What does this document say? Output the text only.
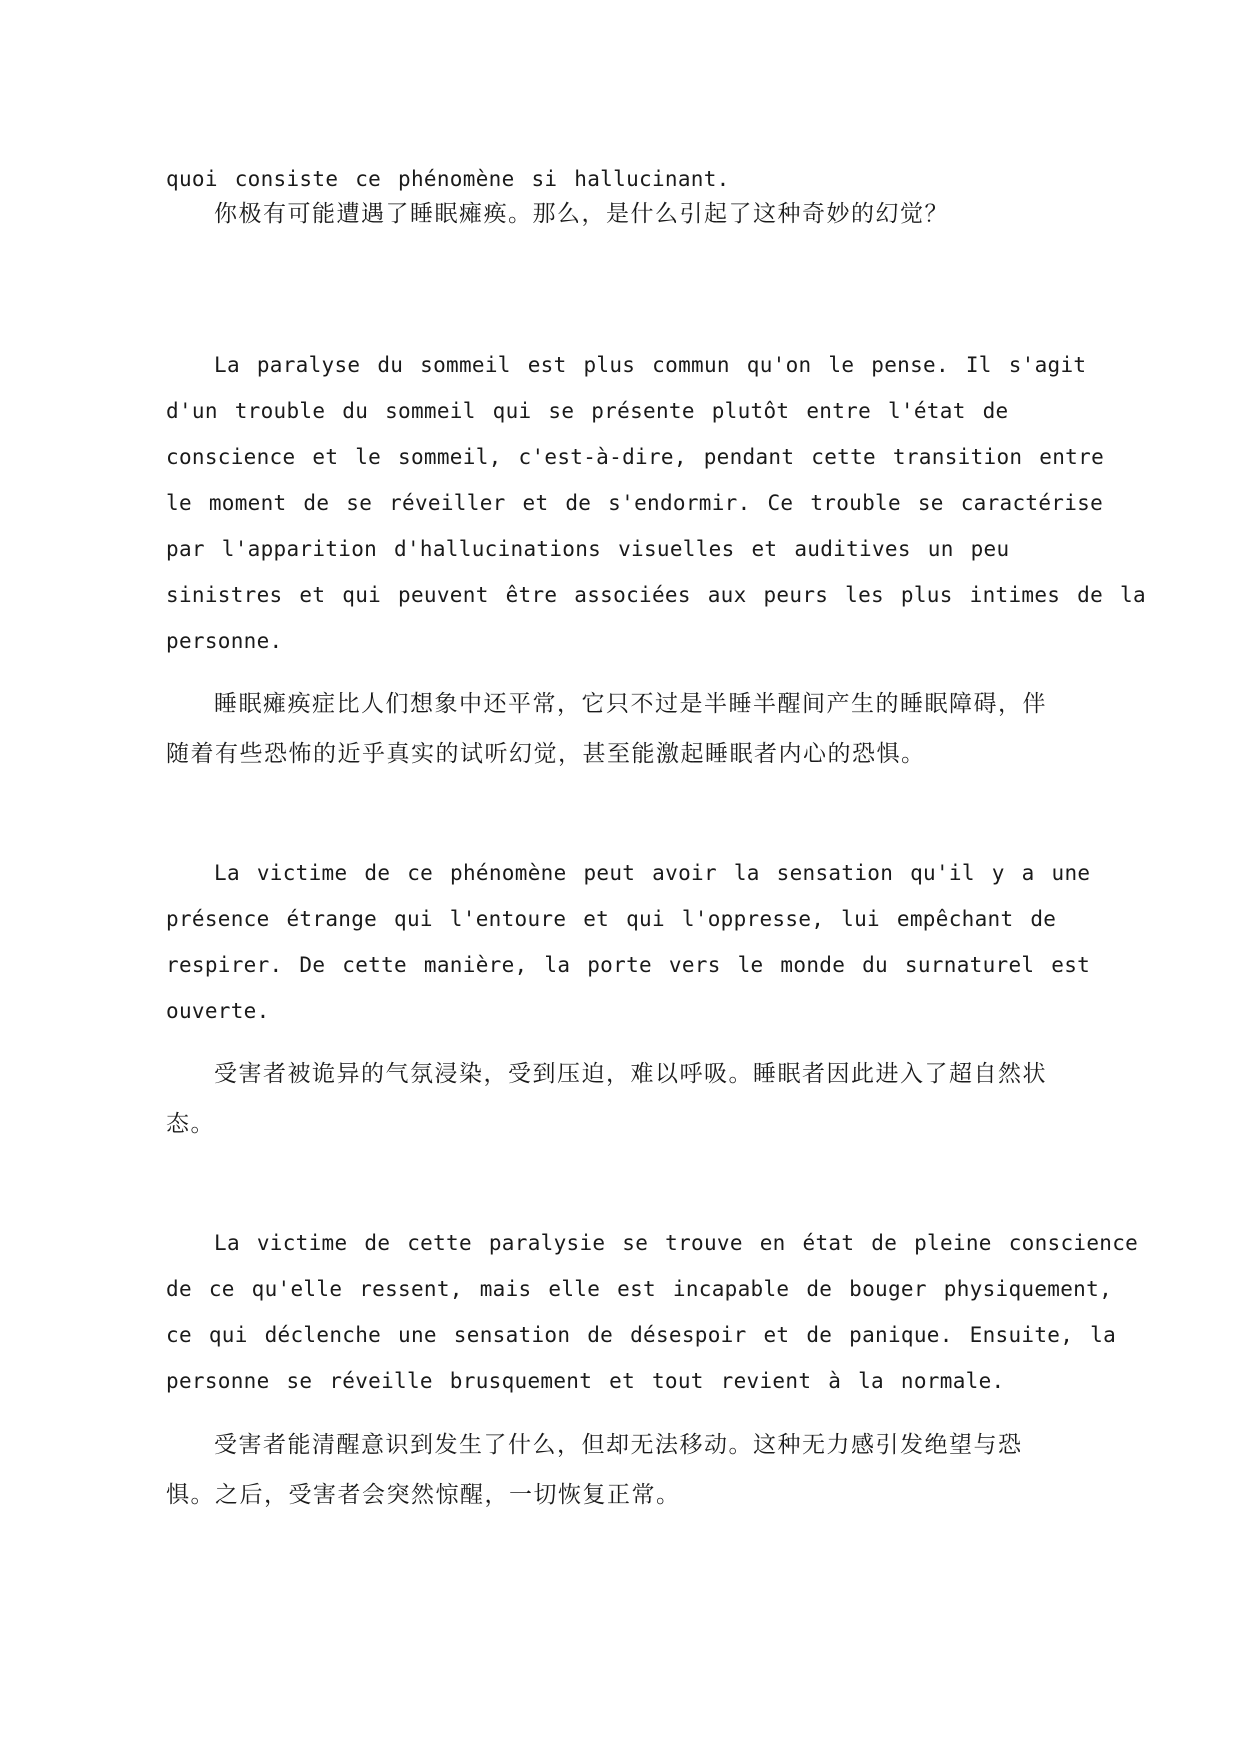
quoi consiste ce phénomène si hallucinant.
你极有可能遭遇了睡眠瘫痪。那么，是什么引起了这种奇妙的幻觉？
La paralyse du sommeil est plus commun qu'on le pense. Il s'agit
d'un trouble du sommeil qui se présente plutôt entre l'état de
conscience et le sommeil, c'est-à-dire, pendant cette transition entre
le moment de se réveiller et de s'endormir. Ce trouble se caractérise
par l'apparition d'hallucinations visuelles et auditives un peu
sinistres et qui peuvent être associées aux peurs les plus intimes de la
personne.
睡眠瘫痪症比人们想象中还平常，它只不过是半睡半醒间产生的睡眠障碍，伴
随着有些恐怖的近乎真实的试听幻觉，甚至能激起睡眠者内心的恐惧。
La victime de ce phénomène peut avoir la sensation qu'il y a une
présence étrange qui l'entoure et qui l'oppresse, lui empêchant de
respirer. De cette manière, la porte vers le monde du surnaturel est
ouverte.
受害者被诡异的气氛浸染，受到压迫，难以呼吸。睡眠者因此进入了超自然状
态。
La victime de cette paralysie se trouve en état de pleine conscience
de ce qu'elle ressent, mais elle est incapable de bouger physiquement,
ce qui déclenche une sensation de désespoir et de panique. Ensuite, la
personne se réveille brusquement et tout revient à la normale.
受害者能清醒意识到发生了什么，但却无法移动。这种无力感引发绝望与恐
惧。之后，受害者会突然惊醒，一切恢复正常。
